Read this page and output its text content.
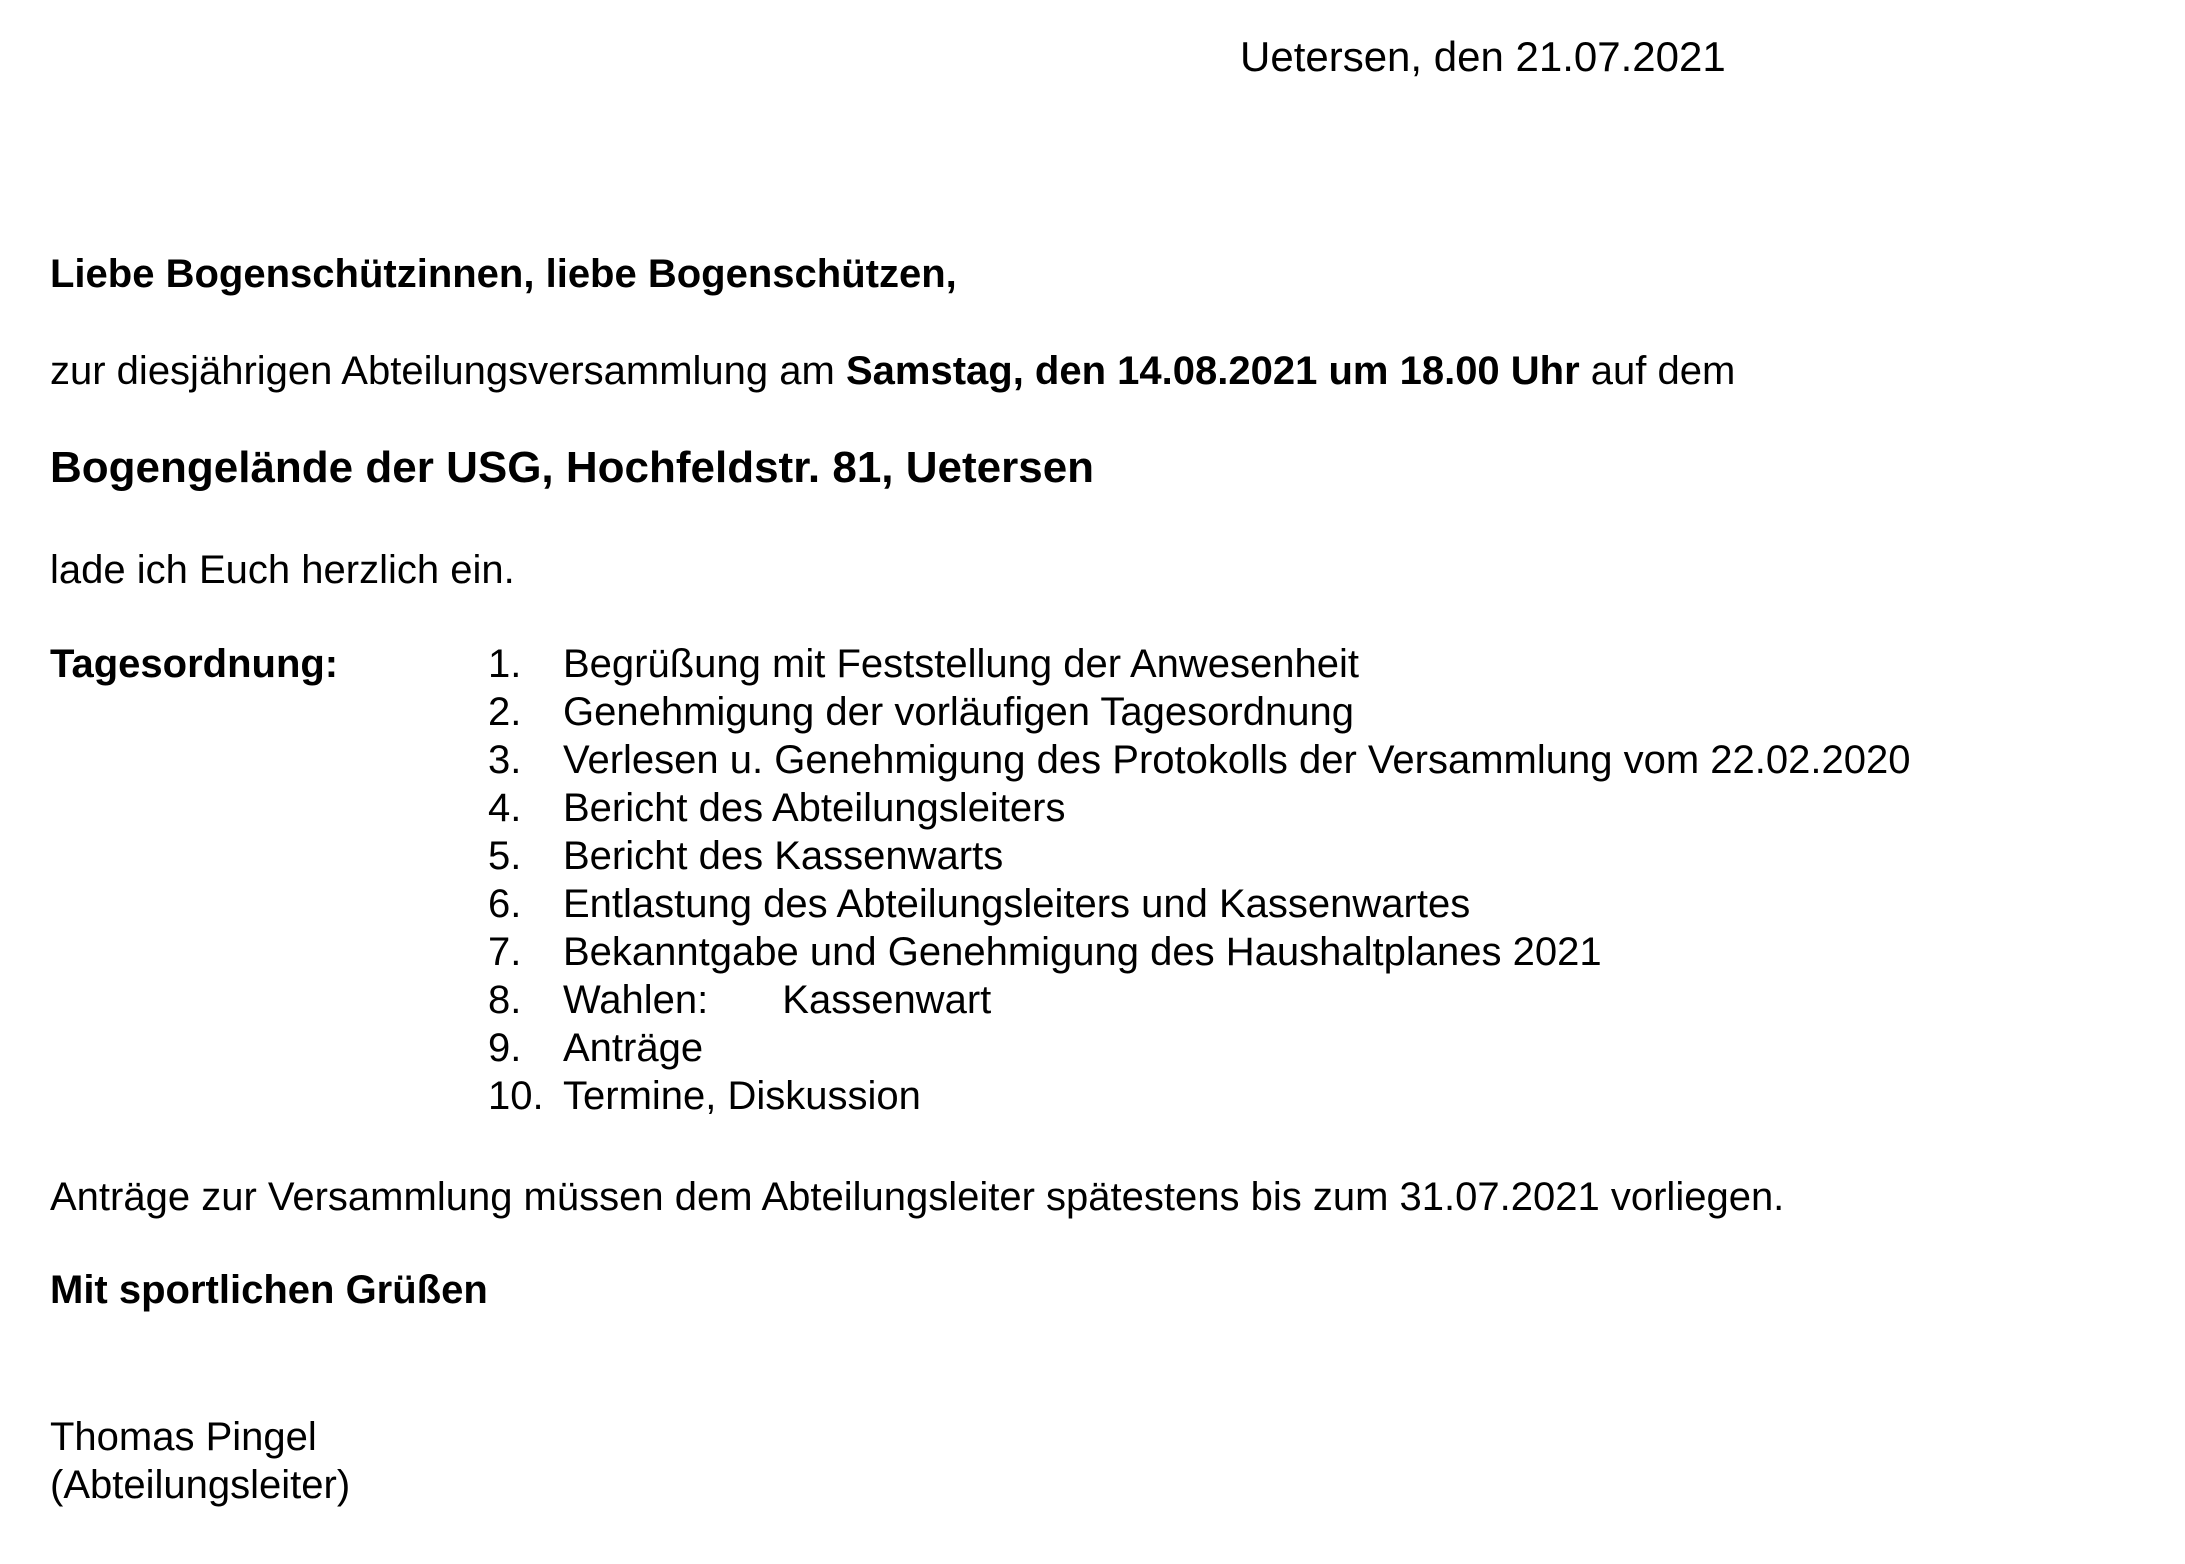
Uetersen, den 21.07.2021
Liebe Bogenschützinnen, liebe Bogenschützen,
zur diesjährigen Abteilungsversammlung am Samstag, den 14.08.2021 um 18.00 Uhr auf dem
Bogengelände der USG, Hochfeldstr. 81, Uetersen
lade ich Euch herzlich ein.
Tagesordnung:	1.	Begrüßung mit Feststellung der Anwesenheit
2.	Genehmigung der vorläufigen Tagesordnung
3.	Verlesen u. Genehmigung des Protokolls der Versammlung vom 22.02.2020
4.	Bericht des Abteilungsleiters
5.	Bericht des Kassenwarts
6.	Entlastung des Abteilungsleiters und Kassenwartes
7.	Bekanntgabe und Genehmigung des Haushaltplanes 2021
8.	Wahlen: Kassenwart
9.	Anträge
10. Termine, Diskussion
Anträge zur Versammlung müssen dem Abteilungsleiter spätestens bis zum 31.07.2021 vorliegen.
Mit sportlichen Grüßen
Thomas Pingel
(Abteilungsleiter)
